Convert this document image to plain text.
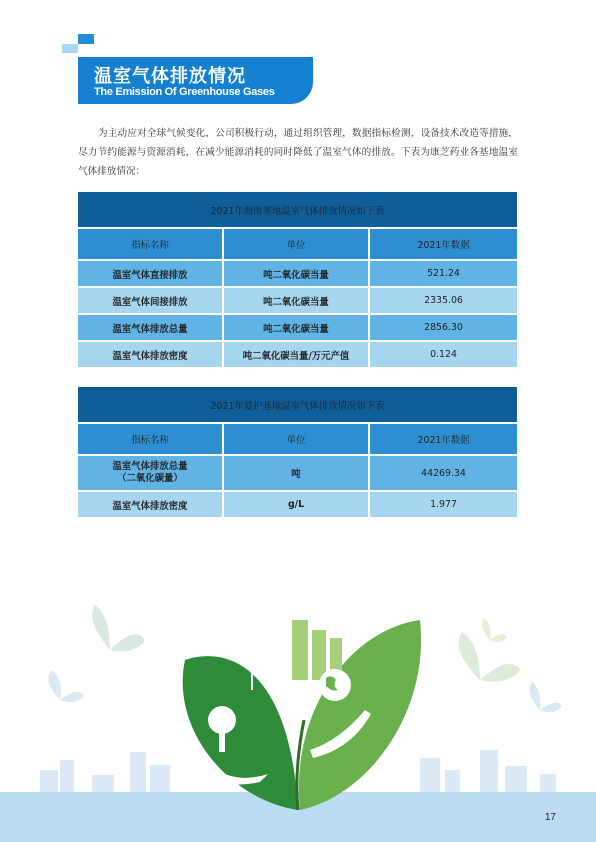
温室气体排放情况
The Emission Of Greenhouse Gases

为主动应对全球气候变化，公司积极行动，通过组织管理，数据指标检测，设备技术改造等措施，尽力节约能源与资源消耗，在减少能源消耗的同时降低了温室气体的排放。下表为康芝药业各基地温室气体排放情况：

2021年海南基地温室气体排放情况如下表		
指标名称	单位	2021年数据
温室气体直接排放	吨二氧化碳当量	521.24
温室气体间接排放	吨二氧化碳当量	2335.06
温室气体排放总量	吨二氧化碳当量	2856.30
温室气体排放密度	吨二氧化碳当量/万元产值	0.124
2021年爱护基地温室气体排放情况如下表		
指标名称	单位	2021年数据

温室气体排放总量
（二氧化碳量）	吨	44269.34
温室气体排放密度	g/L	1.977
17
